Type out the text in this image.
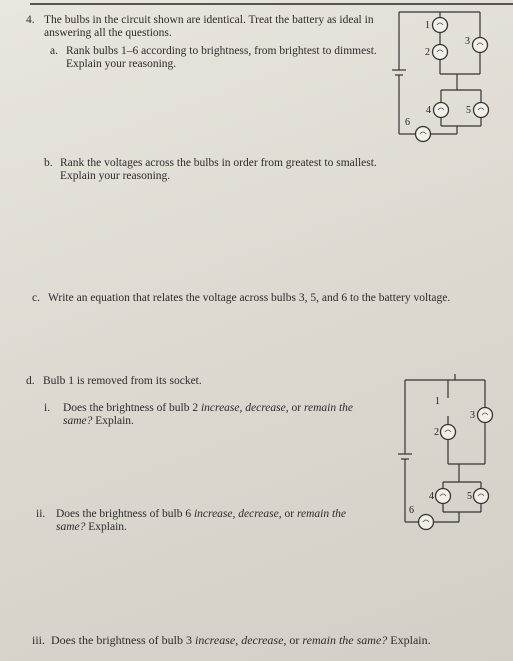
4. The bulbs in the circuit shown are identical. Treat the battery as ideal in
answering all the questions.
a. Rank bulbs 1–6 according to brightness, from brightest to dimmest.
Explain your reasoning.
b. Rank the voltages across the bulbs in order from greatest to smallest.
Explain your reasoning.
c. Write an equation that relates the voltage across bulbs 3, 5, and 6 to the battery voltage.
d. Bulb 1 is removed from its socket.
i. Does the brightness of bulb 2 increase, decrease, or remain the
same? Explain.
ii. Does the brightness of bulb 6 increase, decrease, or remain the
same? Explain.
iii. Does the brightness of bulb 3 increase, decrease, or remain the same? Explain.
1
2
3
4	5
6
1
2
3
4	5
6
